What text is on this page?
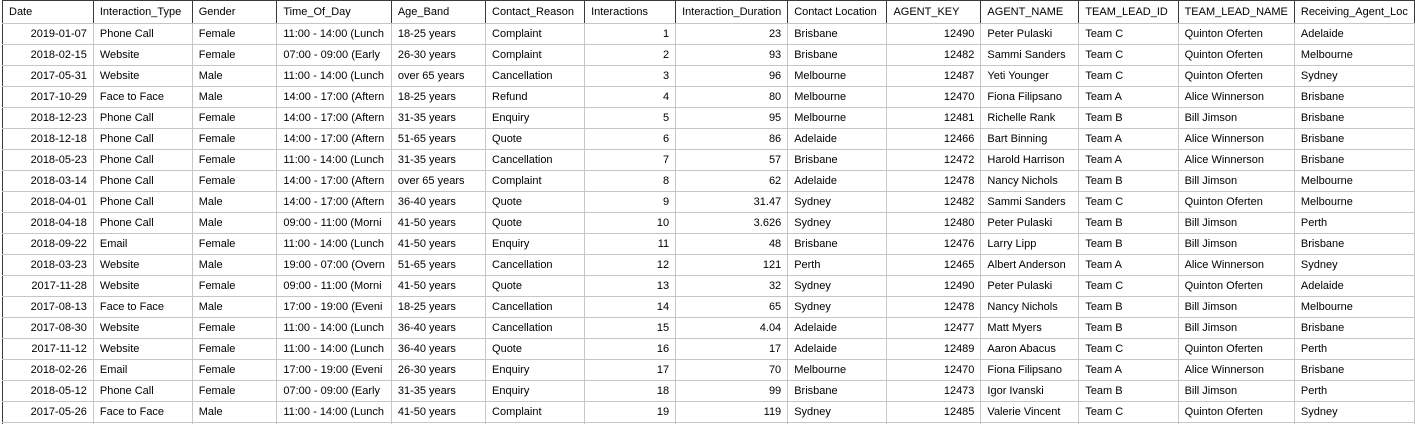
Date	Interaction_Type	Gender	Time_Of_Day	Age_Band	Contact_Reason	Interactions	Interaction_Duration	Contact Location	AGENT_KEY	AGENT_NAME	TEAM_LEAD_ID	TEAM_LEAD_NAME	Receiving_Agent_Loc
2019-01-07	Phone Call	Female	11:00 - 14:00 (Lunch	18-25 years	Complaint	1	23	Brisbane	12490	Peter Pulaski	Team C	Quinton Oferten	Adelaide
2018-02-15	Website	Female	07:00 - 09:00 (Early	26-30 years	Complaint	2	93	Brisbane	12482	Sammi Sanders	Team C	Quinton Oferten	Melbourne
2017-05-31	Website	Male	11:00 - 14:00 (Lunch	over 65 years	Cancellation	3	96	Melbourne	12487	Yeti Younger	Team C	Quinton Oferten	Sydney
2017-10-29	Face to Face	Male	14:00 - 17:00 (Aftern	18-25 years	Refund	4	80	Melbourne	12470	Fiona Filipsano	Team A	Alice Winnerson	Brisbane
2018-12-23	Phone Call	Female	14:00 - 17:00 (Aftern	31-35 years	Enquiry	5	95	Melbourne	12481	Richelle Rank	Team B	Bill Jimson	Brisbane
2018-12-18	Phone Call	Female	14:00 - 17:00 (Aftern	51-65 years	Quote	6	86	Adelaide	12466	Bart Binning	Team A	Alice Winnerson	Brisbane
2018-05-23	Phone Call	Female	11:00 - 14:00 (Lunch	31-35 years	Cancellation	7	57	Brisbane	12472	Harold Harrison	Team A	Alice Winnerson	Brisbane
2018-03-14	Phone Call	Female	14:00 - 17:00 (Aftern	over 65 years	Complaint	8	62	Adelaide	12478	Nancy Nichols	Team B	Bill Jimson	Melbourne
2018-04-01	Phone Call	Male	14:00 - 17:00 (Aftern	36-40 years	Quote	9	31.47	Sydney	12482	Sammi Sanders	Team C	Quinton Oferten	Melbourne
2018-04-18	Phone Call	Male	09:00 - 11:00 (Morni	41-50 years	Quote	10	3.626	Sydney	12480	Peter Pulaski	Team B	Bill Jimson	Perth
2018-09-22	Email	Female	11:00 - 14:00 (Lunch	41-50 years	Enquiry	11	48	Brisbane	12476	Larry Lipp	Team B	Bill Jimson	Brisbane
2018-03-23	Website	Male	19:00 - 07:00 (Overn	51-65 years	Cancellation	12	121	Perth	12465	Albert Anderson	Team A	Alice Winnerson	Sydney
2017-11-28	Website	Female	09:00 - 11:00 (Morni	41-50 years	Quote	13	32	Sydney	12490	Peter Pulaski	Team C	Quinton Oferten	Adelaide
2017-08-13	Face to Face	Male	17:00 - 19:00 (Eveni	18-25 years	Cancellation	14	65	Sydney	12478	Nancy Nichols	Team B	Bill Jimson	Melbourne
2017-08-30	Website	Female	11:00 - 14:00 (Lunch	36-40 years	Cancellation	15	4.04	Adelaide	12477	Matt Myers	Team B	Bill Jimson	Brisbane
2017-11-12	Website	Female	11:00 - 14:00 (Lunch	36-40 years	Quote	16	17	Adelaide	12489	Aaron Abacus	Team C	Quinton Oferten	Perth
2018-02-26	Email	Female	17:00 - 19:00 (Eveni	26-30 years	Enquiry	17	70	Melbourne	12470	Fiona Filipsano	Team A	Alice Winnerson	Brisbane
2018-05-12	Phone Call	Female	07:00 - 09:00 (Early	31-35 years	Enquiry	18	99	Brisbane	12473	Igor Ivanski	Team B	Bill Jimson	Perth
2017-05-26	Face to Face	Male	11:00 - 14:00 (Lunch	41-50 years	Complaint	19	119	Sydney	12485	Valerie Vincent	Team C	Quinton Oferten	Sydney
